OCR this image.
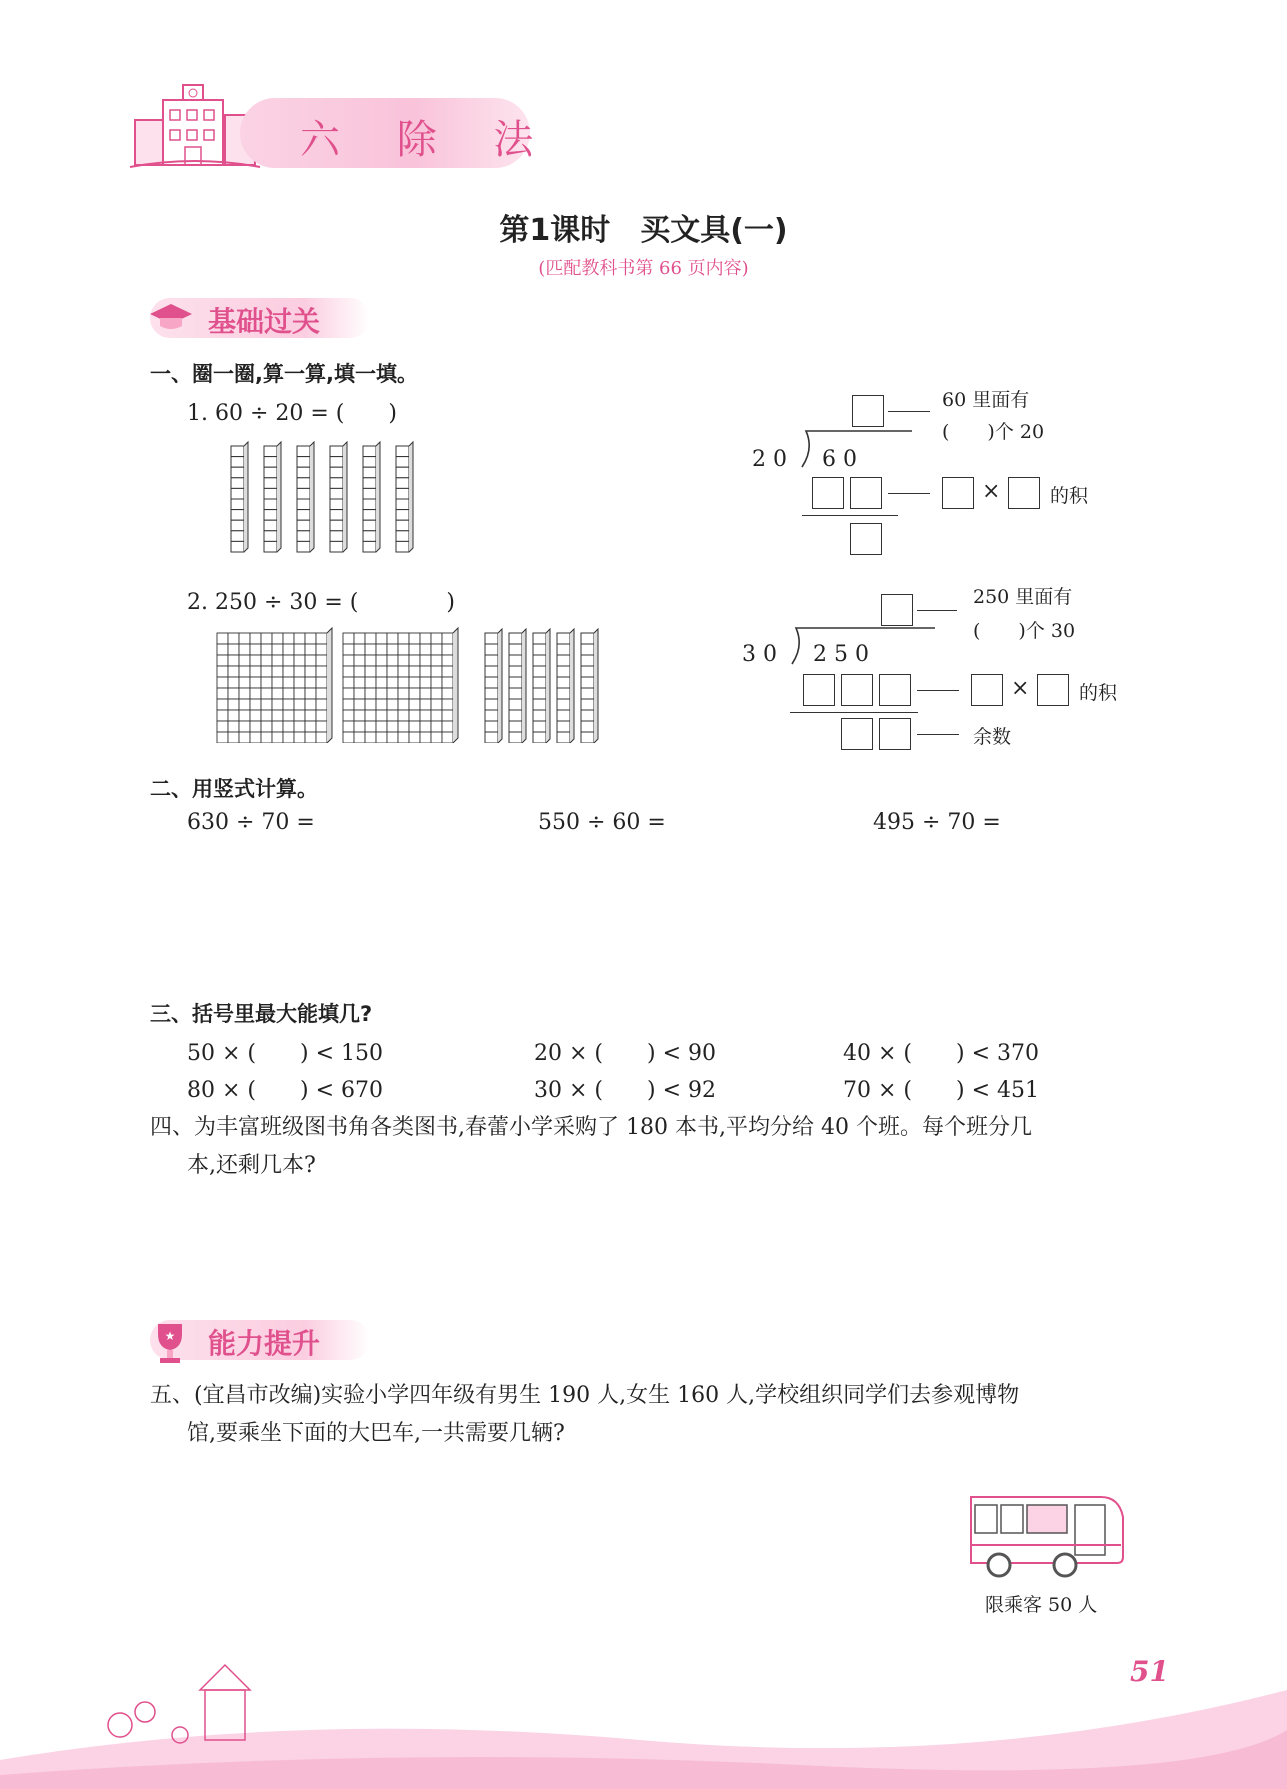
六 除 法
第1课时　买文具(一)
(匹配教科书第 66 页内容)
基础过关
一、圈一圈,算一算,填一填。
1. 60 ÷ 20 = (　　)
60 里面有
(　　)个 20
2 0 6 0
×	的积
2. 250 ÷ 30 = (　　　　)	250 里面有
(　　)个 30
3 0 2 5 0
×	的积
余数
二、用竖式计算。
630 ÷ 70 =	550 ÷ 60 =	495 ÷ 70 =
三、括号里最大能填几?
50 × (　　) < 150	20 × (　　) < 90	40 × (　　) < 370
80 × (　　) < 670	30 × (　　) < 92	70 × (　　) < 451
四、为丰富班级图书角各类图书,春蕾小学采购了 180 本书,平均分给 40 个班。每个班分几
本,还剩几本?
★ 能力提升
五、(宜昌市改编)实验小学四年级有男生 190 人,女生 160 人,学校组织同学们去参观博物
馆,要乘坐下面的大巴车,一共需要几辆?
限乘客 50 人
51
